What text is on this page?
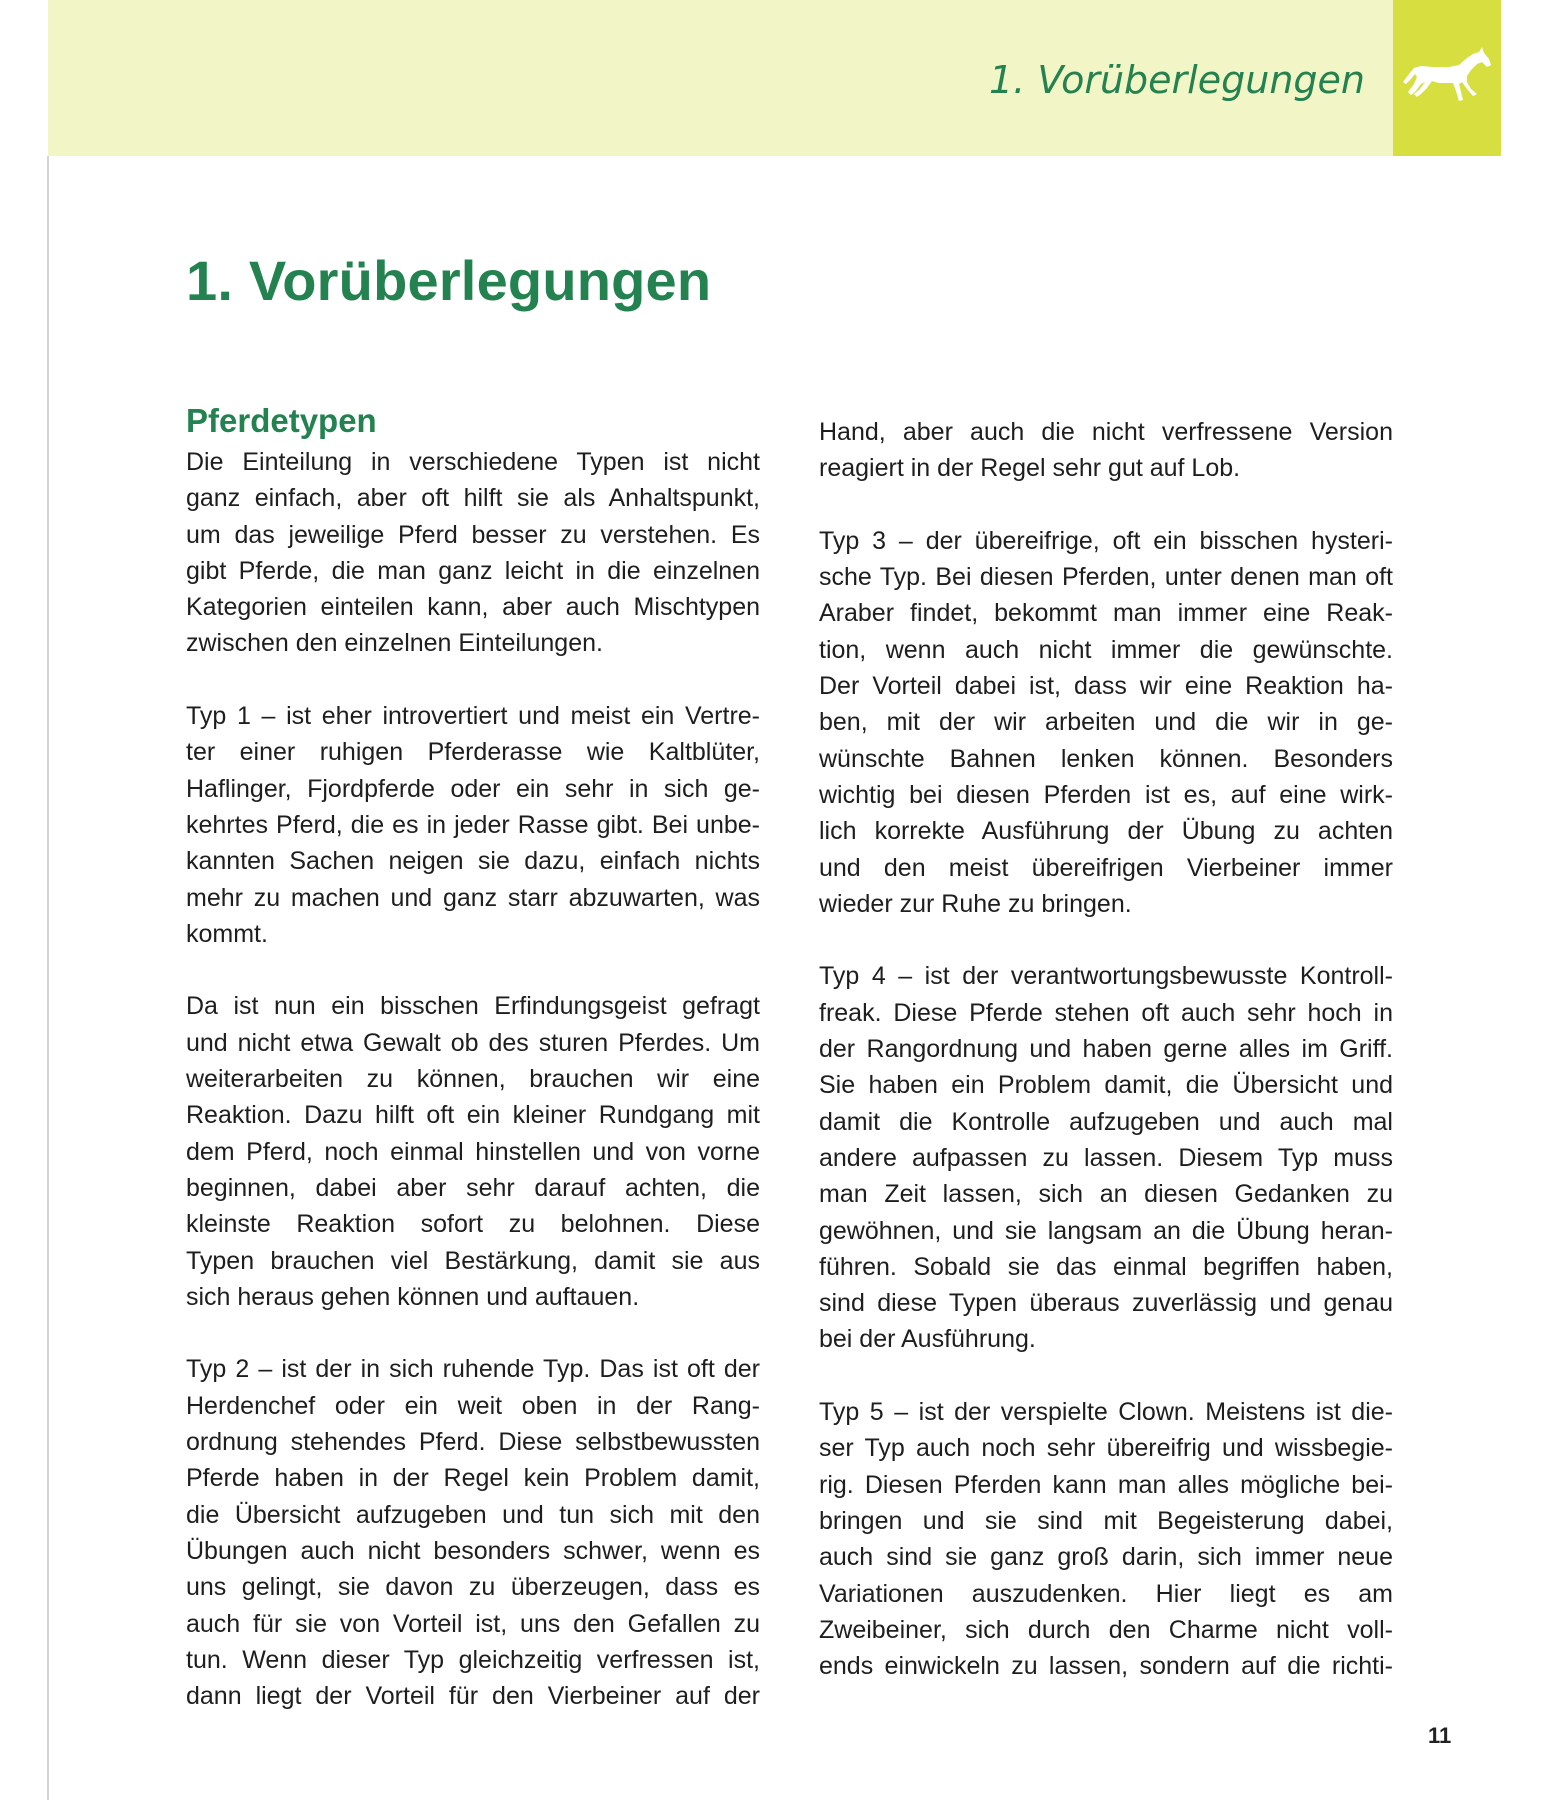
1. Vorüberlegungen
1. Vorüberlegungen
Pferdetypen
Die Einteilung in verschiedene Typen ist nicht
ganz einfach, aber oft hilft sie als Anhaltspunkt,
um das jeweilige Pferd besser zu verstehen. Es
gibt Pferde, die man ganz leicht in die einzelnen
Kategorien einteilen kann, aber auch Mischtypen
zwischen den einzelnen Einteilungen.
Typ 1 – ist eher introvertiert und meist ein Vertre-
ter einer ruhigen Pferderasse wie Kaltblüter,
Haflinger, Fjordpferde oder ein sehr in sich ge-
kehrtes Pferd, die es in jeder Rasse gibt. Bei unbe-
kannten Sachen neigen sie dazu, einfach nichts
mehr zu machen und ganz starr abzuwarten, was
kommt.
Da ist nun ein bisschen Erfindungsgeist gefragt
und nicht etwa Gewalt ob des sturen Pferdes. Um
weiterarbeiten zu können, brauchen wir eine
Reaktion. Dazu hilft oft ein kleiner Rundgang mit
dem Pferd, noch einmal hinstellen und von vorne
beginnen, dabei aber sehr darauf achten, die
kleinste Reaktion sofort zu belohnen. Diese
Typen brauchen viel Bestärkung, damit sie aus
sich heraus gehen können und auftauen.
Typ 2 – ist der in sich ruhende Typ. Das ist oft der
Herdenchef oder ein weit oben in der Rang-
ordnung stehendes Pferd. Diese selbstbewussten
Pferde haben in der Regel kein Problem damit,
die Übersicht aufzugeben und tun sich mit den
Übungen auch nicht besonders schwer, wenn es
uns gelingt, sie davon zu überzeugen, dass es
auch für sie von Vorteil ist, uns den Gefallen zu
tun. Wenn dieser Typ gleichzeitig verfressen ist,
dann liegt der Vorteil für den Vierbeiner auf der
Hand, aber auch die nicht verfressene Version
reagiert in der Regel sehr gut auf Lob.
Typ 3 – der übereifrige, oft ein bisschen hysteri-
sche Typ. Bei diesen Pferden, unter denen man oft
Araber findet, bekommt man immer eine Reak-
tion, wenn auch nicht immer die gewünschte.
Der Vorteil dabei ist, dass wir eine Reaktion ha-
ben, mit der wir arbeiten und die wir in ge-
wünschte Bahnen lenken können. Besonders
wichtig bei diesen Pferden ist es, auf eine wirk-
lich korrekte Ausführung der Übung zu achten
und den meist übereifrigen Vierbeiner immer
wieder zur Ruhe zu bringen.
Typ 4 – ist der verantwortungsbewusste Kontroll-
freak. Diese Pferde stehen oft auch sehr hoch in
der Rangordnung und haben gerne alles im Griff.
Sie haben ein Problem damit, die Übersicht und
damit die Kontrolle aufzugeben und auch mal
andere aufpassen zu lassen. Diesem Typ muss
man Zeit lassen, sich an diesen Gedanken zu
gewöhnen, und sie langsam an die Übung heran-
führen. Sobald sie das einmal begriffen haben,
sind diese Typen überaus zuverlässig und genau
bei der Ausführung.
Typ 5 – ist der verspielte Clown. Meistens ist die-
ser Typ auch noch sehr übereifrig und wissbegie-
rig. Diesen Pferden kann man alles mögliche bei-
bringen und sie sind mit Begeisterung dabei,
auch sind sie ganz groß darin, sich immer neue
Variationen auszudenken. Hier liegt es am
Zweibeiner, sich durch den Charme nicht voll-
ends einwickeln zu lassen, sondern auf die richti-
11
